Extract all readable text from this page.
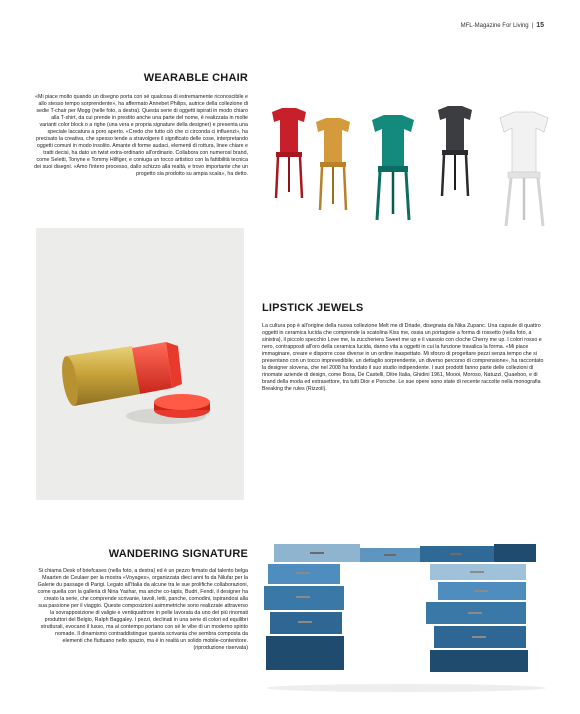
MFL-Magazine For Living | 15
WEARABLE CHAIR
«Mi piace molto quando un disegno porta con sé qualcosa di estremamente riconoscibile e allo stesso tempo sorprendente», ha affermato Annebet Philips, autrice della collezione di sedie T-chair per Mogg (nelle foto, a destra). Questa serie di oggetti ispirati in modo chiaro alla T-shirt, da cui prende in prestito anche una parte del nome, è realizzata in molte varianti color block o a righe (una vera e propria signature della designer) e presenta una speciale laccatura a poro aperto. «Credo che tutto ciò che ci circonda ci influenzi», ha precisato la creativa, che spesso tende a stravolgere il significato delle cose, interpretando oggetti comuni in modo insolito. Amante di forme audaci, elementi di rottura, linee chiare e tratti decisi, ha dato un twist extra-ordinario all'ordinario. Collabora con numerosi brand, come Seletti, Tonyne e Tommy Hilfiger, e coniuga un tocco artistico con la fattibilità tecnica dei suoi disegni. «Amo l'intero processo, dallo schizzo alla realtà, e trovo importante che un progetto sia prodotto su ampia scala», ha detto.
LIPSTICK JEWELS
La cultura pop è all'origine della nuova collezione Melt me di Driade, disegnata da Nika Zupanc. Una capsule di quattro oggetti in ceramica lucida che comprende la scatolina Kiss me, ossia un portagioie a forma di rossetto (nella foto, a sinistra), il piccolo specchio Love me, la zuccheriera Sweet me up e il vassoio con cloche Cherry me up. I colori rosso e nero, contrapposti all'oro della ceramica lucida, danno vita a oggetti in cui la funzione travalica la forma. «Mi piace immaginare, creare e disporre cose diverse in un ordine inaspettato. Mi sforzo di progettare pezzi senza tempo che si presentano con un tocco imprevedibile, un dettaglio sorprendente, un diverso percorso di comprensione», ha raccontato la designer slovena, che nel 2008 ha fondato il suo studio indipendente. I suoi prodotti fanno parte delle collezioni di rinomate aziende di design, come Bosa, De Castelli, Ditre Italia, Ghidini 1961, Moooi, Moroso, Natuzzi, Quaeboo, e di brand della moda ed extrasettore, tra tutti Dior e Porsche. Le sue opere sono state di recente raccolte nella monografia Breaking the rules (Rizzoli).
WANDERING SIGNATURE
Si chiama Desk of briefcases (nella foto, a destra) ed è un pezzo firmato dal talento belga Maarten de Ceulaer per la mostra «Voyages», organizzata dieci anni fa da Nilufar per la Galerie du passage di Parigi. Legato all'Italia da alcune tra le sue prolifiche collaborazioni, come quella con la galleria di Nina Yashar, ma anche co-tapis, Budri, Fendi, il designer ha creato la serie, che comprende scrivanie, tavoli, letti, panche, comodini, ispirandosi alla sua passione per il viaggio. Queste composizioni asimmetriche sono realizzate attraverso la sovrapposizione di valigie e ventiquattrore in pelle lavorata da uno dei più rinomati produttori del Belgio, Ralph Baggaley. I pezzi, declinati in una serie di colori ed equilibri strutturali, evocano il lusso, ma al contempo portano con sé le vibe di un moderno spirito nomade. Il dinamismo contraddistingue questa scrivania che sembra composta da elementi che fluttuano nello spazio, ma è in realtà un solido mobile-contenitore. (riproduzione riservata)
